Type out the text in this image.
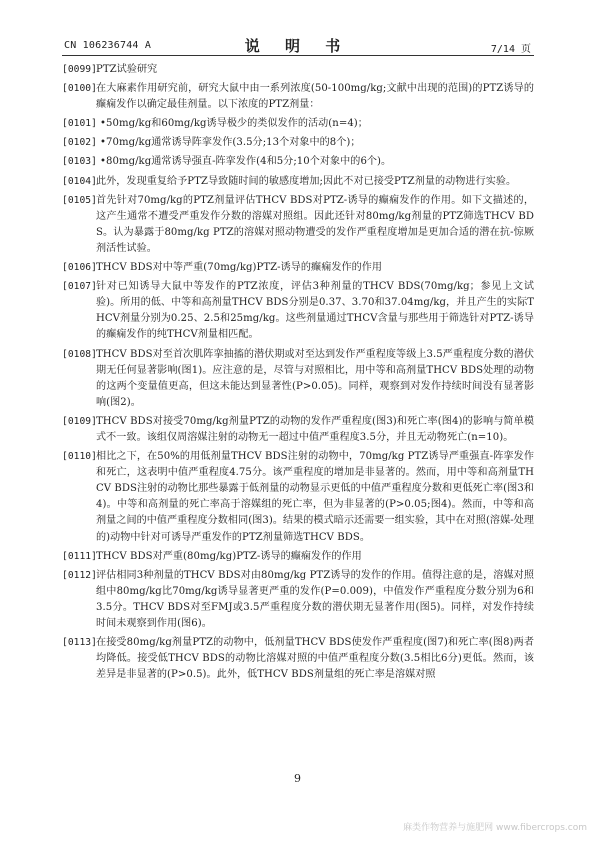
CN 106236744 A	说 明 书	7/14 页
[0099] PTZ试验研究
[0100] 在大麻素作用研究前，研究大鼠中由一系列浓度(50-100mg/kg;文献中出现的范围)的PTZ诱导的癫痫发作以确定最佳剂量。以下浓度的PTZ剂量：
[0101] •50mg/kg和60mg/kg诱导极少的类似发作的活动(n=4)；
[0102] •70mg/kg通常诱导阵挛发作(3.5分;13个对象中的8个)；
[0103] •80mg/kg通常诱导强直-阵挛发作(4和5分;10个对象中的6个)。
[0104] 此外，发现重复给予PTZ导致随时间的敏感度增加;因此不对已接受PTZ剂量的动物进行实验。
[0105] 首先针对70mg/kg的PTZ剂量评估THCV BDS对PTZ-诱导的癫痫发作的作用。如下文描述的，这产生通常不遭受严重发作分数的溶媒对照组。因此还针对80mg/kg剂量的PTZ筛选THCV BDS。认为暴露于80mg/kg PTZ的溶媒对照动物遭受的发作严重程度增加是更加合适的潜在抗-惊厥剂活性试验。
[0106] THCV BDS对中等严重(70mg/kg)PTZ-诱导的癫痫发作的作用
[0107] 针对已知诱导大鼠中等发作的PTZ浓度，评估3种剂量的THCV BDS(70mg/kg；参见上文试验)。所用的低、中等和高剂量THCV BDS分别是0.37、3.70和37.04mg/kg，并且产生的实际THCV剂量分别为0.25、2.5和25mg/kg。这些剂量通过THCV含量与那些用于筛选针对PTZ-诱导的癫痫发作的纯THCV剂量相匹配。
[0108] THCV BDS对至首次肌阵挛抽搐的潜伏期或对至达到发作严重程度等级上3.5严重程度分数的潜伏期无任何显著影响(图1)。应注意的是，尽管与对照相比，用中等和高剂量THCV BDS处理的动物的这两个变量值更高，但这未能达到显著性(P>0.05)。同样，观察到对发作持续时间没有显著影响(图2)。
[0109] THCV BDS对接受70mg/kg剂量PTZ的动物的发作严重程度(图3)和死亡率(图4)的影响与简单模式不一致。该组仅周溶媒注射的动物无一超过中值严重程度3.5分，并且无动物死亡(n=10)。
[0110] 相比之下，在50%的用低剂量THCV BDS注射的动物中，70mg/kg PTZ诱导严重强直-阵挛发作和死亡，这表明中值严重程度4.75分。该严重程度的增加是非显著的。然而，用中等和高剂量THCV BDS注射的动物比那些暴露于低剂量的动物显示更低的中值严重程度分数和更低死亡率(图3和4)。中等和高剂量的死亡率高于溶媒组的死亡率，但为非显著的(P>0.05;图4)。然而，中等和高剂量之间的中值严重程度分数相同(图3)。结果的模式暗示还需要一组实验，其中在对照(溶媒-处理的)动物中针对可诱导严重发作的PTZ剂量筛选THCV BDS。
[0111] THCV BDS对严重(80mg/kg)PTZ-诱导的癫痫发作的作用
[0112] 评估相同3种剂量的THCV BDS对由80mg/kg PTZ诱导的发作的作用。值得注意的是，溶媒对照组中80mg/kg比70mg/kg诱导显著更严重的发作(P=0.009)，中值发作严重程度分数分别为6和3.5分。THCV BDS对至FMJ或3.5严重程度分数的潜伏期无显著作用(图5)。同样，对发作持续时间未观察到作用(图6)。
[0113] 在接受80mg/kg剂量PTZ的动物中，低剂量THCV BDS使发作严重程度(图7)和死亡率(图8)两者均降低。接受低THCV BDS的动物比溶媒对照的中值严重程度分数(3.5相比6分)更低。然而，该差异是非显著的(P>0.5)。此外，低THCV BDS剂量组的死亡率是溶媒对照
9
麻类作物营养与施肥网 www.fibercrops.com
